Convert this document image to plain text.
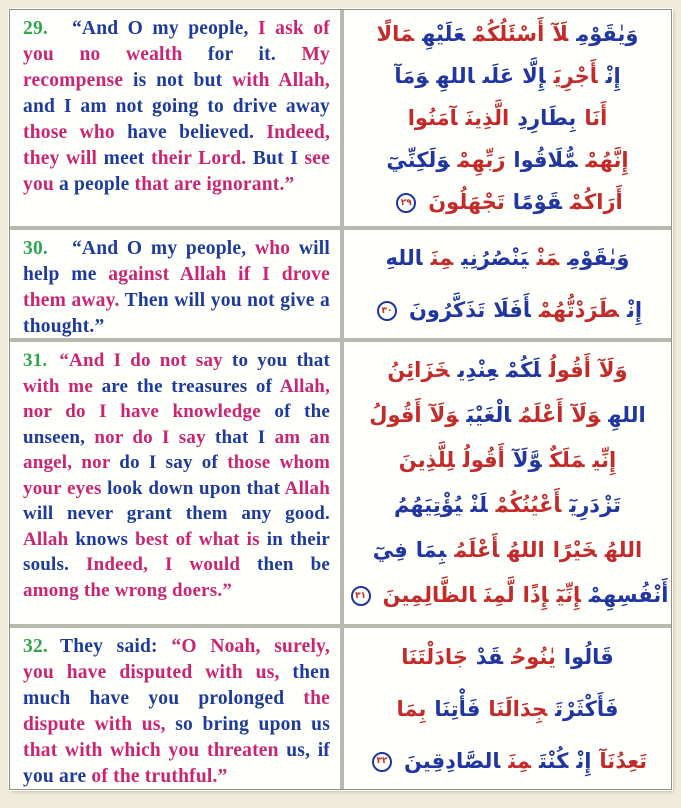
29. “And O my people, I ask of you no wealth for it. My recompense is not but with Allah, and I am not going to drive away those who have believed. Indeed, they will meet their Lord. But I see you a people that are ignorant.”
وَيٰقَوْمِلَآأَسْئَلُكُمْعَلَيْهِمَالًا
إِنْأَجْرِيَإِلَّاعَلَىاللهِوَمَآ
أَنَابِطَارِدِالَّذِينَآمَنُوا
إِنَّهُمْمُّلَاقُوارَبِّهِمْوَلَكِنِّيٓ
أَرَاكُمْقَوْمًاتَجْهَلُونَ٢٩
30. “And O my people, who will help me against Allah if I drove them away. Then will you not give a thought.”
وَيٰقَوْمِمَنْيَنْصُرُنِيمِنَاللهِ
إِنْطَرَدْتُّهُمْأَفَلَاتَذَكَّرُونَ٣٠
31. “And I do not say to you that with me are the treasures of Allah, nor do I have knowledge of the unseen, nor do I say that I am an angel, nor do I say of those whom your eyes look down upon that Allah will never grant them any good. Allah knows best of what is in their souls. Indeed, I would then be among the wrong doers.”
وَلَآأَقُولُلَكُمْعِنْدِيخَزَائِنُ
اللهِوَلَآأَعْلَمُالْغَيْبَوَلَآأَقُولُ
إِنِّيمَلَكٌوَّلَآأَقُولُلِلَّذِينَ
تَزْدَرِيٓأَعْيُنُكُمْلَنْيُؤْتِيَهُمُ
اللهُخَيْرًااللهُأَعْلَمُبِمَافِيٓ
أَنْفُسِهِمْإِنِّيٓإِذًالَّمِنَالظَّالِمِينَ٣١
32. They said: “O Noah, surely, you have disputed with us, then much have you prolonged the dispute with us, so bring upon us that with which you threaten us, if you are of the truthful.”
قَالُوايٰنُوحُقَدْجَادَلْتَنَا
فَأَكْثَرْتَجِدَالَنَافَأْتِنَابِمَا
تَعِدُنَآإِنْكُنْتَمِنَالصَّادِقِينَ٣٢
